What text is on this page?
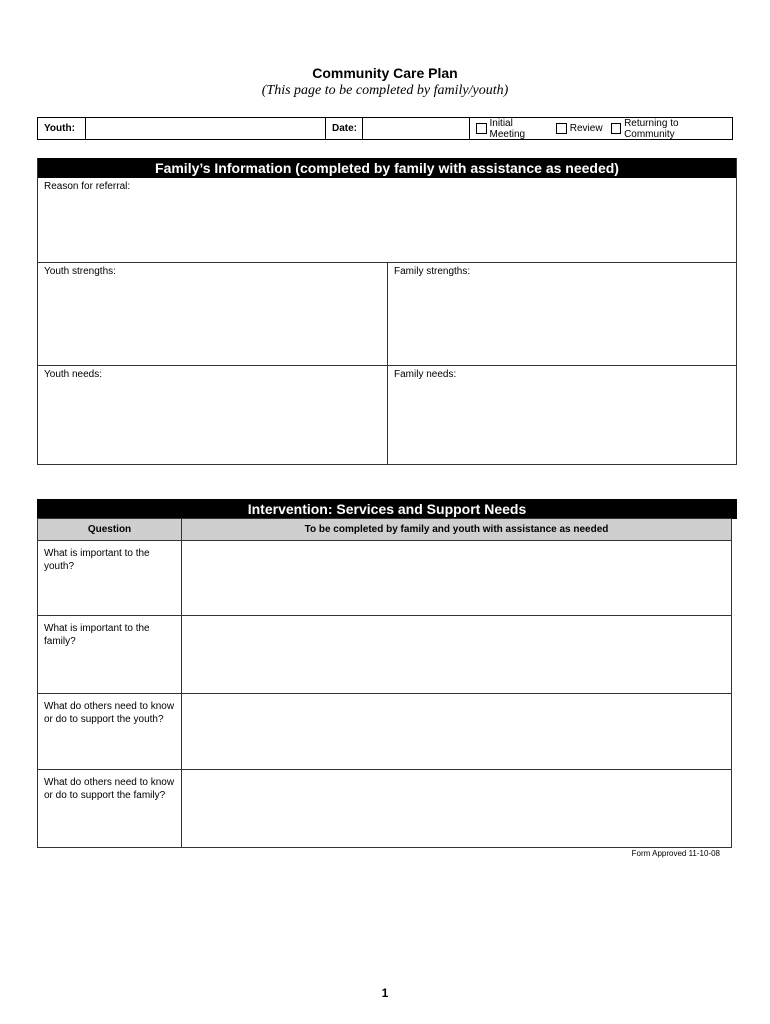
Community Care Plan
(This page to be completed by family/youth)
Youth:	Date:	Initial Meeting	Review Returning to Community
Family’s Information (completed by family with assistance as needed)
Reason for referral:
Youth strengths:	Family strengths:
Youth needs:	Family needs:
Intervention: Services and Support Needs
Question	To be completed by family and youth with assistance as needed
What is important to the youth?	
What is important to the family?	
What do others need to know or do to support the youth?	
What do others need to know or do to support the family?	
Form Approved 11-10-08
1
